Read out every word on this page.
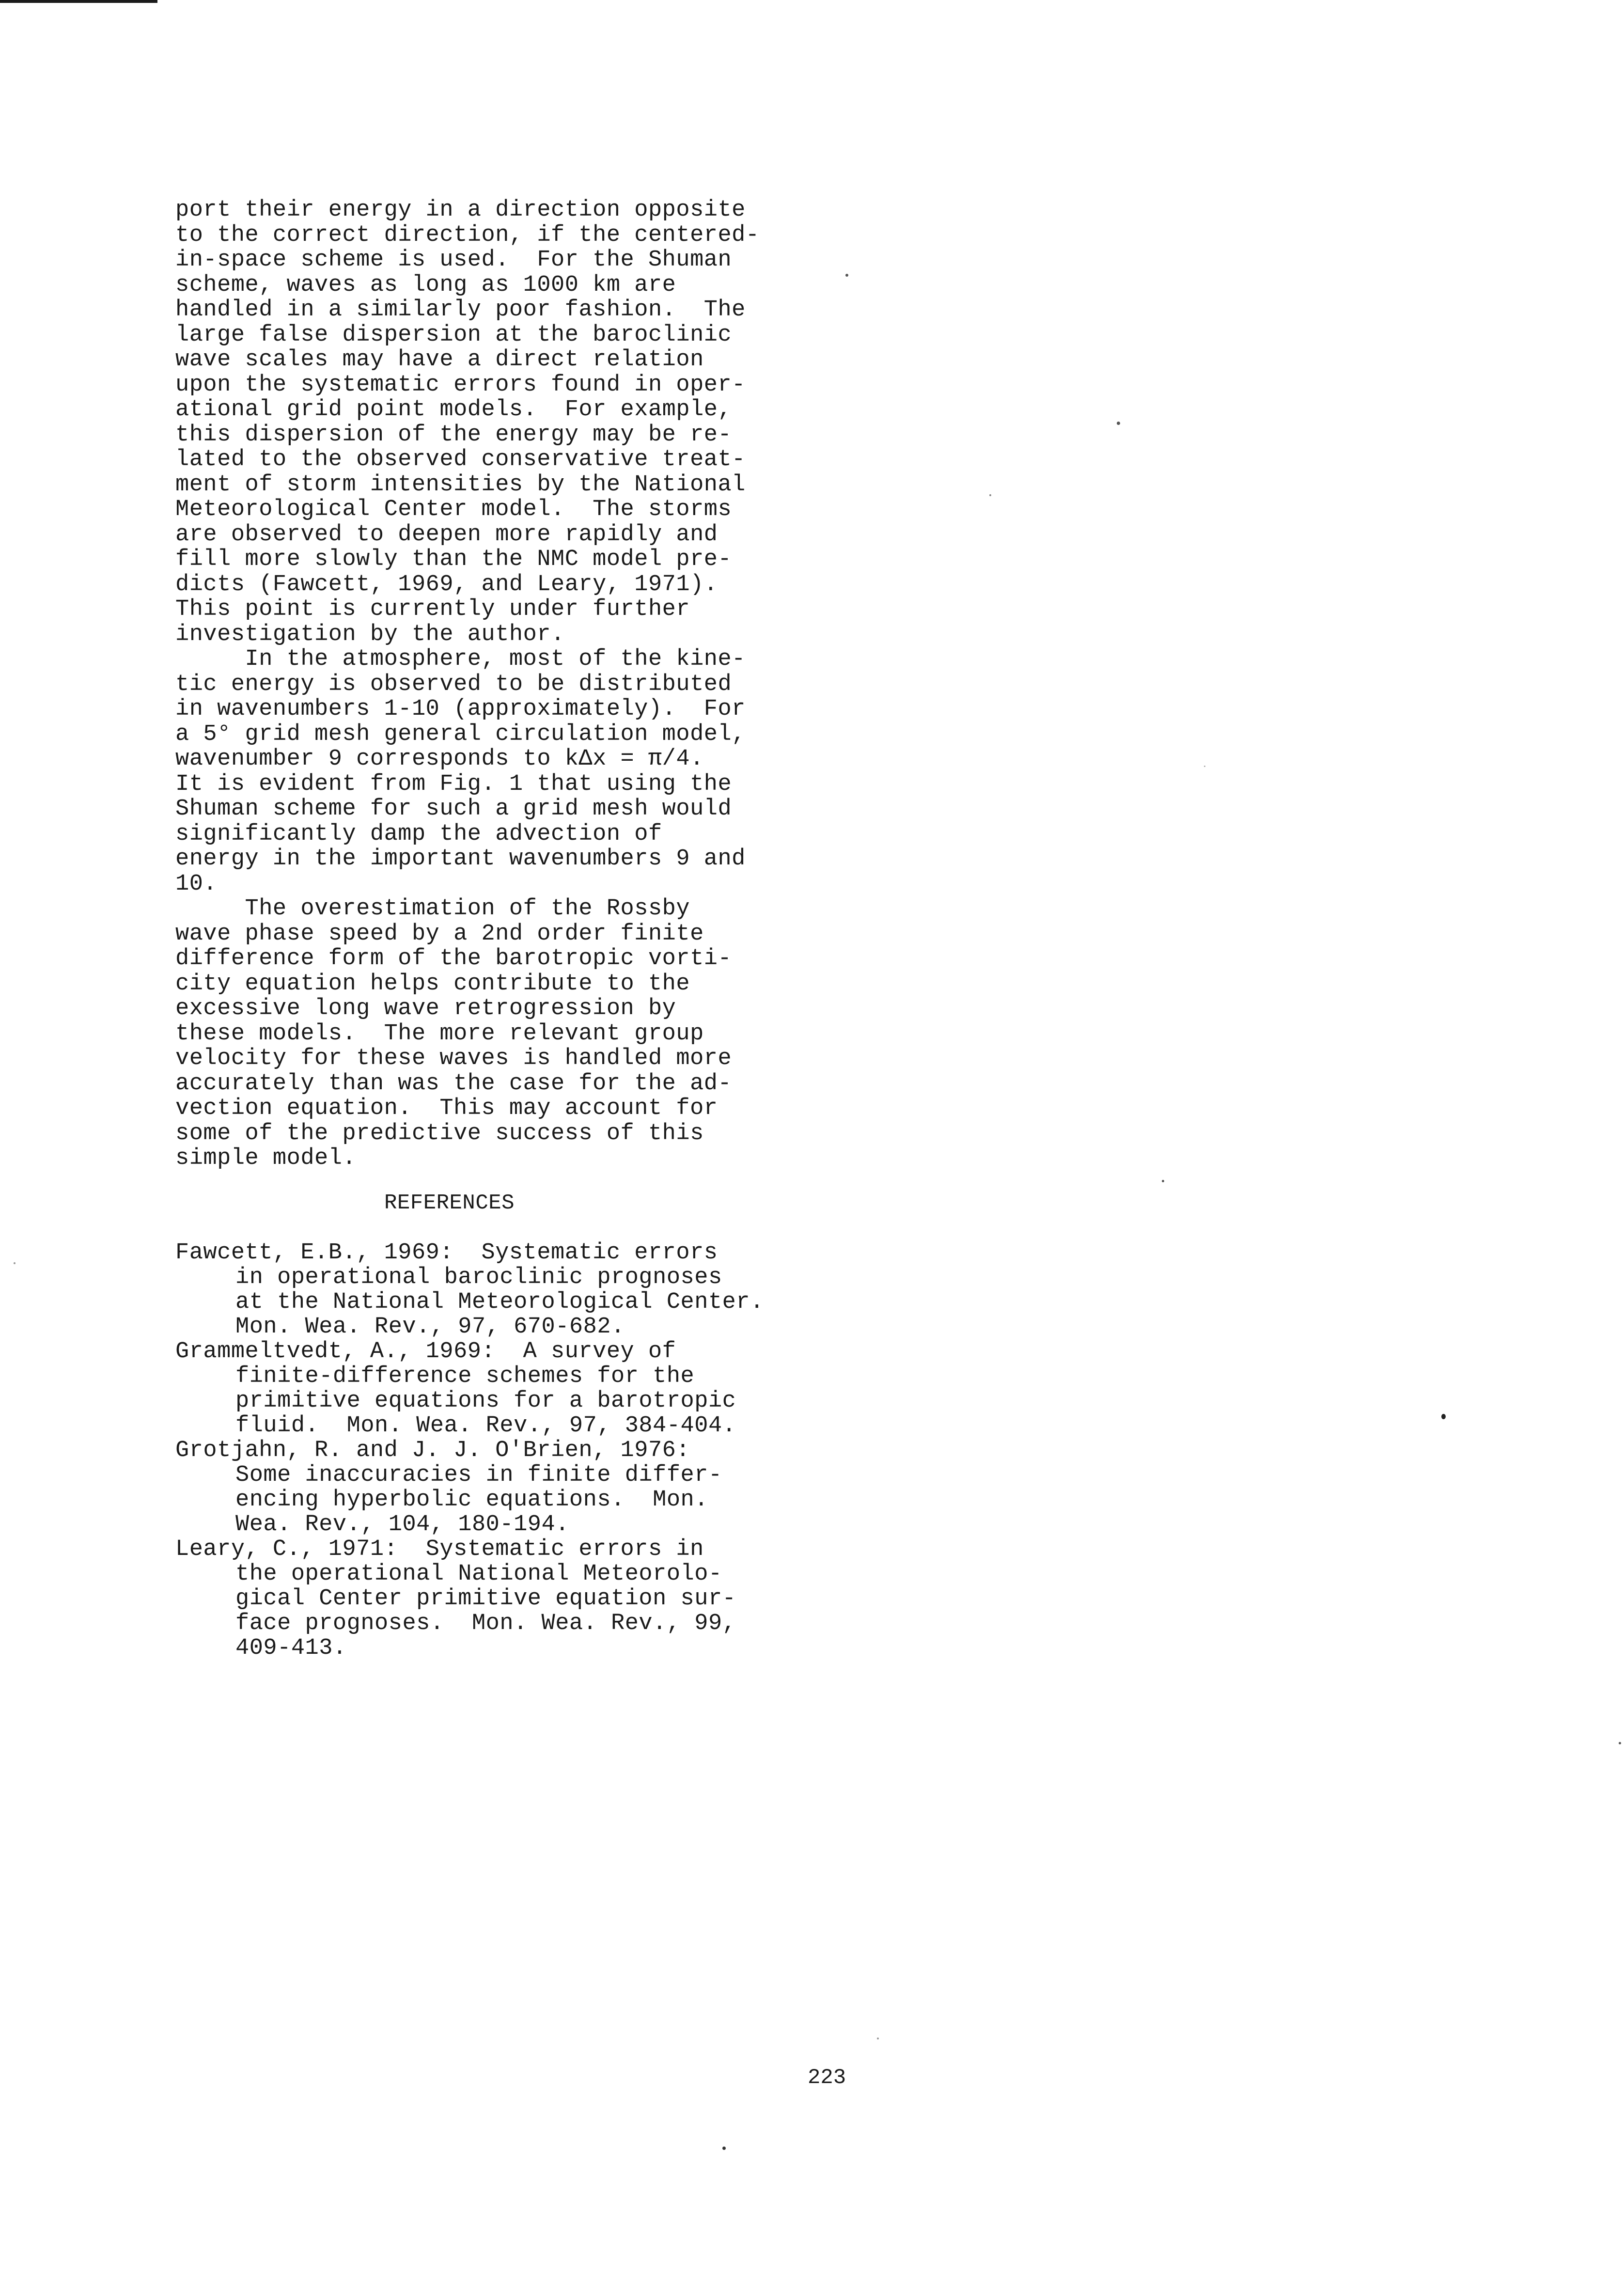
port their energy in a direction opposite
to the correct direction, if the centered-
in-space scheme is used.  For the Shuman
scheme, waves as long as 1000 km are
handled in a similarly poor fashion.  The
large false dispersion at the baroclinic
wave scales may have a direct relation
upon the systematic errors found in oper-
ational grid point models.  For example,
this dispersion of the energy may be re-
lated to the observed conservative treat-
ment of storm intensities by the National
Meteorological Center model.  The storms
are observed to deepen more rapidly and
fill more slowly than the NMC model pre-
dicts (Fawcett, 1969, and Leary, 1971).
This point is currently under further
investigation by the author.
In the atmosphere, most of the kine-
tic energy is observed to be distributed
in wavenumbers 1-10 (approximately).  For
a 5° grid mesh general circulation model,
wavenumber 9 corresponds to kΔx = π/4.
It is evident from Fig. 1 that using the
Shuman scheme for such a grid mesh would
significantly damp the advection of
energy in the important wavenumbers 9 and
10.
The overestimation of the Rossby
wave phase speed by a 2nd order finite
difference form of the barotropic vorti-
city equation helps contribute to the
excessive long wave retrogression by
these models.  The more relevant group
velocity for these waves is handled more
accurately than was the case for the ad-
vection equation.  This may account for
some of the predictive success of this
simple model.
REFERENCES
Fawcett, E.B., 1969:  Systematic errors
in operational baroclinic prognoses
at the National Meteorological Center.
Mon. Wea. Rev., 97, 670-682.
Grammeltvedt, A., 1969:  A survey of
finite-difference schemes for the
primitive equations for a barotropic
fluid.  Mon. Wea. Rev., 97, 384-404.
Grotjahn, R. and J. J. O'Brien, 1976:
Some inaccuracies in finite differ-
encing hyperbolic equations.  Mon.
Wea. Rev., 104, 180-194.
Leary, C., 1971:  Systematic errors in
the operational National Meteorolo-
gical Center primitive equation sur-
face prognoses.  Mon. Wea. Rev., 99,
409-413.
223
